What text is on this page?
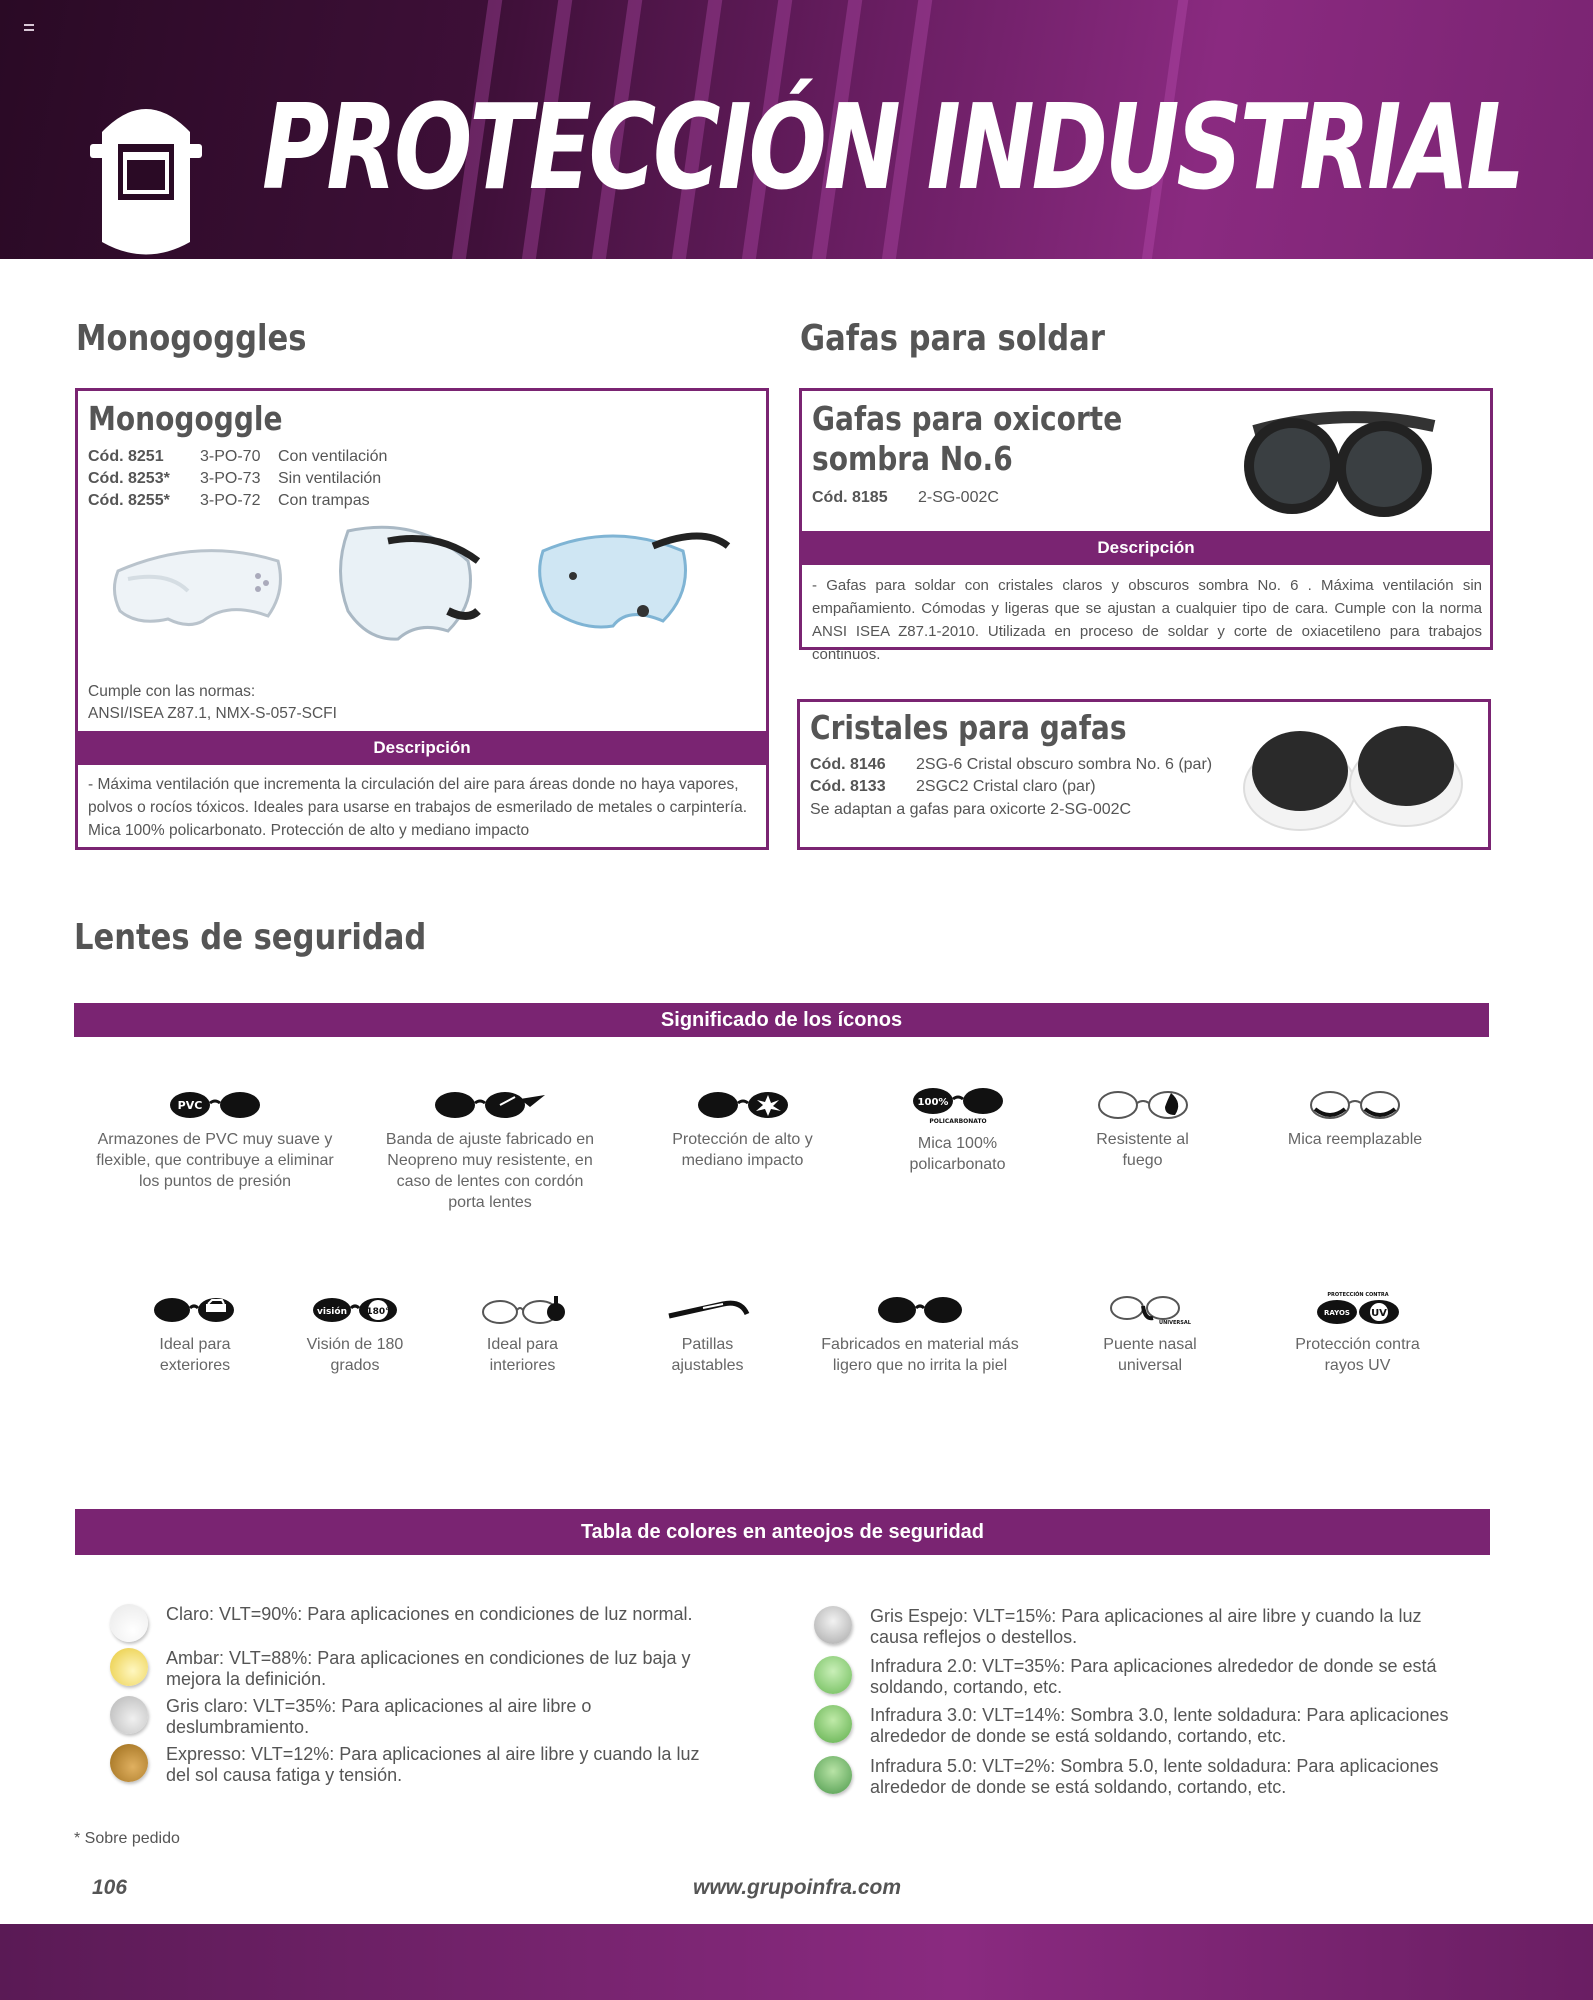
PROTECCIÓN INDUSTRIAL
Monogoggles	Gafas para soldar
Monogoggle
Cód. 8251 3-PO-70 Con ventilación
Cód. 8253* 3-PO-73 Sin ventilación
Cód. 8255* 3-PO-72 Con trampas
Cumple con las normas:
ANSI/ISEA Z87.1, NMX-S-057-SCFI
Descripción
- Máxima ventilación que incrementa la circulación del aire para áreas donde no haya vapores, polvos o rocíos tóxicos. Ideales para usarse en trabajos de esmerilado de metales o carpintería. Mica 100% policarbonato. Protección de alto y mediano impacto
Gafas para oxicorte
sombra No.6
Cód. 8185 2-SG-002C
Descripción
- Gafas para soldar con cristales claros y obscuros sombra No. 6 . Máxima ventilación sin empañamiento. Cómodas y ligeras que se ajustan a cualquier tipo de cara. Cumple con la norma ANSI ISEA Z87.1-2010. Utilizada en proceso de soldar y corte de oxiacetileno para trabajos continuos.
Cristales para gafas
Cód. 8146 2SG-6 Cristal obscuro sombra No. 6 (par)
Cód. 8133 2SGC2 Cristal claro (par)
Se adaptan a gafas para oxicorte 2-SG-002C
Lentes de seguridad
Significado de los íconos
PVC
Armazones de PVC muy suave y flexible, que contribuye a eliminar los puntos de presión
Banda de ajuste fabricado en Neopreno muy resistente, en caso de lentes con cordón porta lentes
Protección de alto y mediano impacto
100%
POLICARBONATO
Mica 100% policarbonato
Resistente al fuego
Mica reemplazable
Ideal para exteriores
visión 180°
Visión de 180 grados
Ideal para interiores
Patillas ajustables
Fabricados en material más ligero que no irrita la piel
UNIVERSAL
Puente nasal universal
PROTECCIÓN CONTRA
RAYOS UV
Protección contra rayos UV
Tabla de colores en anteojos de seguridad
Claro: VLT=90%: Para aplicaciones en condiciones de luz normal.
Ambar: VLT=88%: Para aplicaciones en condiciones de luz baja y mejora la definición.
Gris claro: VLT=35%: Para aplicaciones al aire libre o deslumbramiento.
Expresso: VLT=12%: Para aplicaciones al aire libre y cuando la luz del sol causa fatiga y tensión.
Gris Espejo: VLT=15%: Para aplicaciones al aire libre y cuando la luz causa reflejos o destellos.
Infradura 2.0: VLT=35%: Para aplicaciones alrededor de donde se está soldando, cortando, etc.
Infradura 3.0: VLT=14%: Sombra 3.0, lente soldadura: Para aplicaciones alrededor de donde se está soldando, cortando, etc.
Infradura 5.0: VLT=2%: Sombra 5.0, lente soldadura: Para aplicaciones alrededor de donde se está soldando, cortando, etc.
* Sobre pedido
106	www.grupoinfra.com
